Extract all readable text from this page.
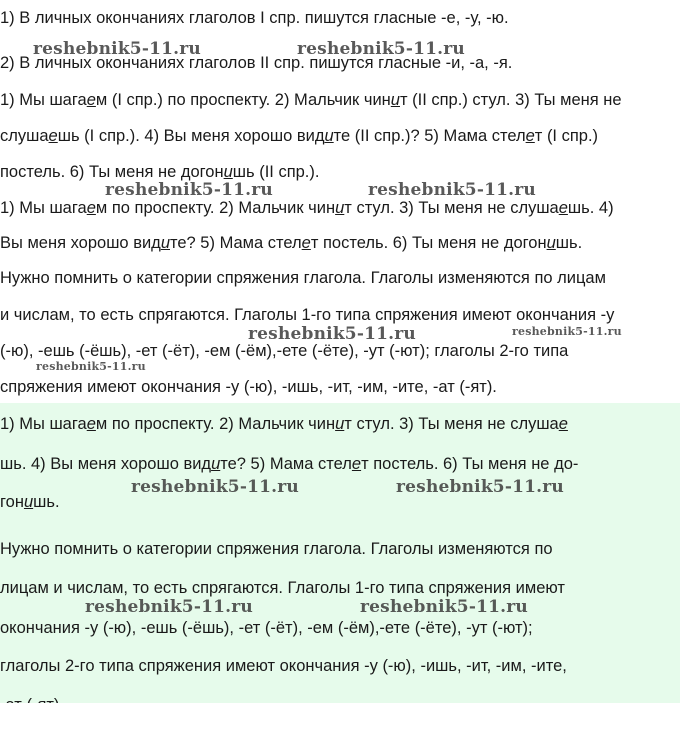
1) В личных окончаниях глаголов I спр. пишутся гласные -е, -у, -ю.
2) В личных окончаниях глаголов II спр. пишутся гласные -и, -а, -я.
1) Мы шагаем (I спр.) по проспекту. 2) Мальчик чинит (II спр.) стул. 3) Ты меня не
слушаешь (I спр.). 4) Вы меня хорошо видите (II спр.)? 5) Мама стелет (I спр.)
постель. 6) Ты меня не догонишь (II спр.).
1) Мы шагаем по проспекту. 2) Мальчик чинит стул. 3) Ты меня не слушаешь. 4)
Вы меня хорошо видите? 5) Мама стелет постель. 6) Ты меня не догонишь.
Нужно помнить о категории спряжения глагола. Глаголы изменяются по лицам
и числам, то есть спрягаются. Глаголы 1-го типа спряжения имеют окончания -у
(-ю), -ешь (-ёшь), -ет (-ёт), -ем (-ём),-ете (-ёте), -ут (-ют); глаголы 2-го типа
спряжения имеют окончания -у (-ю), -ишь, -ит, -им, -ите, -ат (-ят).
1) Мы шагаем по проспекту. 2) Мальчик чинит стул. 3) Ты меня не слушае
шь. 4) Вы меня хорошо видите? 5) Мама стелет постель. 6) Ты меня не до-
гонишь.
Нужно помнить о категории спряжения глагола. Глаголы изменяются по
лицам и числам, то есть спрягаются. Глаголы 1-го типа спряжения имеют
окончания -у (-ю), -ешь (-ёшь), -ет (-ёт), -ем (-ём),-ете (-ёте), -ут (-ют);
глаголы 2-го типа спряжения имеют окончания -у (-ю), -ишь, -ит, -им, -ите,
reshebnik5-11.ru	reshebnik5-11.ru
reshebnik5-11.ru	reshebnik5-11.ru
reshebnik5-11.ru	reshebnik5-11.ru
reshebnik5-11.ru
reshebnik5-11.ru	reshebnik5-11.ru
reshebnik5-11.ru	reshebnik5-11.ru
